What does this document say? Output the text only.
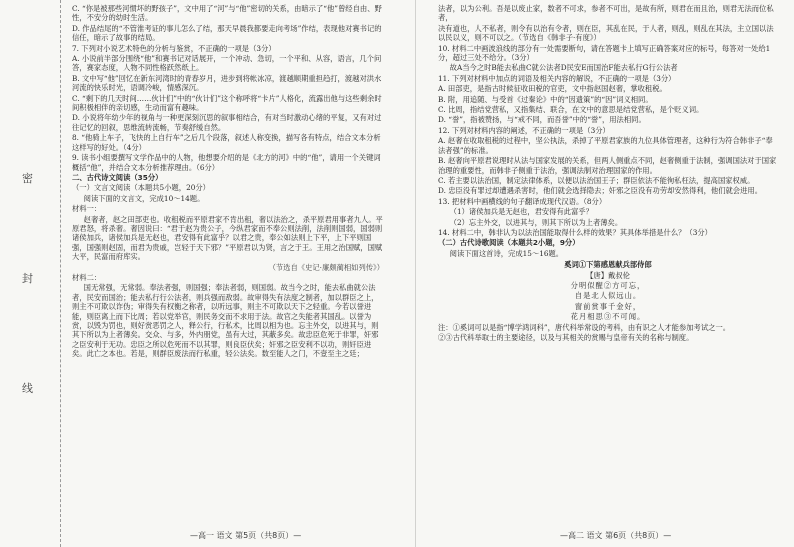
密
封
线

C. “你是被那些河惯坏的野孩子”，文中用了“河”与“他”密切的关系，由暗示了“他”曾经自由、野性，不安分的幼时生活。

D. 作品结尾的“不管淮考证的事儿怎么了结，那天早晨我都要走向考场”作结，表现他对赛书记的信任，暗示了故事的结局。

7. 下列对小说艺术特色的分析与鉴赏，不正确的一项是（3分）

A. 小说前半部分围绕“他”和赛书记对话展开，一个冲动、急切，一个平和、从容，语言，几个问答，赛家态度，人物不同性格跃然纸上。

B. 文中写“他”回忆在新东河湾时的青春岁月，进步到将帐冰凉，渡越顺期重担趋打，渡越对洪水河流的快乐时光，语调冷峻，情感深沉。

C. “剩下的几天时间……伙计们”中的“伙计们”这个称呼将“卡片”人格化，流露出他与这些剩余时间积极相伴的亲切感，生动而富有趣味。

D. 小说将年幼少年的视角与一种更深刻沉思的叙事相结合，有对当时激动心绪的平复，又有对过往记忆的回叙，思维流转流畅，节奏舒缓自然。

8. “他骑上车子，飞快的上自行车”之后几个段落，叙述人称变换，描写各有特点，结合文本分析这样写的好处。（4分）

9. 读书小组要撰写文学作品中的人物，他想要介绍的是《北方的河》中的“他”，请用一个关键词概括“他”，并结合文本分析推荐理由。（6分）

二、古代诗文阅读（35分）

（一）文言文阅读（本题共5小题，20分）

阅读下面的文言文，完成10～14题。

材料一：

赵奢者，赵之田部吏也。收租税而平原君家不肯出租，奢以法治之，杀平原君用事者九人。平原君怒，将杀奢。奢因说曰：“君于赵为贵公子，今纵君家而不奉公则法削，法削则国弱，国弱则诸侯加兵，诸侯加兵是无赵也，君安得有此富乎？以君之贵，奉公如法则上下平，上下平则国强，国强则赵固，而君为贵戚，岂轻于天下邪？”平原君以为贤，言之于王。王用之治国赋，国赋大平，民富而府库实。

（节选自《史记·廉颇蔺相如列传》）

材料二：

国无常强，无常弱。奉法者强，则国强；奉法者弱，则国弱。故当今之时，能去私曲就公法者，民安而国治；能去私行行公法者，则兵强而敌弱。故审得失有法度之制者，加以群臣之上，则主不可欺以诈伪；审得失有权衡之称者，以听远事，则主不可欺以天下之轻重。今若以誉进能，则臣离上而下比周；若以党举官，则民务交而不求用于法。故官之失能者其国乱。以誉为赏，以毁为罚也，则好赏恶罚之人，释公行，行私术，比周以相为也。忘主外交，以进其与，则其下所以为上者薄矣。交众、与多，外内朋党，虽有大过，其蔽多矣。故忠臣危死于非罪，奸邪之臣安利于无功。忠臣之所以危死而不以其罪，则良臣伏矣；奸邪之臣安利不以功，则奸臣进矣。此亡之本也。若是，则群臣废法而行私重，轻公法矣。数至能人之门，不壹至主之廷；

—高一 语文 第5页（共8页）—

法者，以为公利。吾是以废止家，数者不可求，参者不可出，是故有所，则君在而且治，则君无法而位私者，

决有道也，人不私者，则令有以治有令者，则在臣，其乱在民，于人者，则乱，则乱在其法，主立国以法以民以义，则不可以之。（节选自《韩非子·有度》）

10. 材料二中画波浪线的部分有一处需要断句，请在答题卡上填写正确答案对应的标号，每答对一处给1分，超过三处不给分。（3分）

故A当今之时B能去私曲C就公法者D民安E而国治F能去私行G行公法者

11. 下列对材料中加点的词语及相关内容的解说，不正确的一项是（3分）

A. 田部吏，是指古时候征收田税的官吏，文中指赵国赵奢，掌收租税。

B. 附，用追随、与受首《过秦论》中的“因遗策”的“因”词义相同。

C. 比周，指结党营私，又指集结、联合，在文中的意思是结党营私，是个贬义词。

D. “誉”，指被赞扬，与“戒不同，而吾誉”中的“誉”，用法相同。

12. 下列对材料内容的阐述，不正确的一项是（3分）

A. 赵奢在收取租税的过程中，坚公执法，杀掉了平原君家族的九位具体管理者，这种行为符合韩非子“奉法者强”的标准。

B. 赵奢向平原君说理时从法与国家发展的关系，但两人侧重点不同，赵奢侧重于法制，强调国法对于国家治理的重要性，而韩非子侧重于法治，强调法制对治理国家的作用。

C. 若主要以法治国，制定法律体系，以便以法治国王子；群臣依法不能徇私枉法，提高国家权威。

D. 忠臣没有罪过却遭遇杀害时，他们就会选择隐去；奸邪之臣没有功劳却安然得利，他们就会进用。

13. 把材料中画横线的句子翻译成现代汉语。（8分）

（1）诸侯加兵是无赵也，君安得有此富乎？

（2）忘主外交，以进其与，则其下所以为上者薄矣。

14. 材料二中，韩非认为以法治国能取得什么样的效果？其具体举措是什么？（3分）

（二）古代诗歌阅读（本题共2小题，9分）

阅读下面这首诗，完成15～16题。

奚词①下第感恩献兵部侍郎

【唐】戴叔伦

分明似醒②方可忘，

自是北人似远山。

窗前赏事千金好，

花月相思③不可闻。

注：①奚词可以是指“博学鸿词科”，唐代科举常设的考科，由有识之人才能参加考试之一。

②③古代科举取士的主要途径，以及与其相关的赏赐与皇帝有关的名称与制度。

—高二 语文 第6页（共8页）—
